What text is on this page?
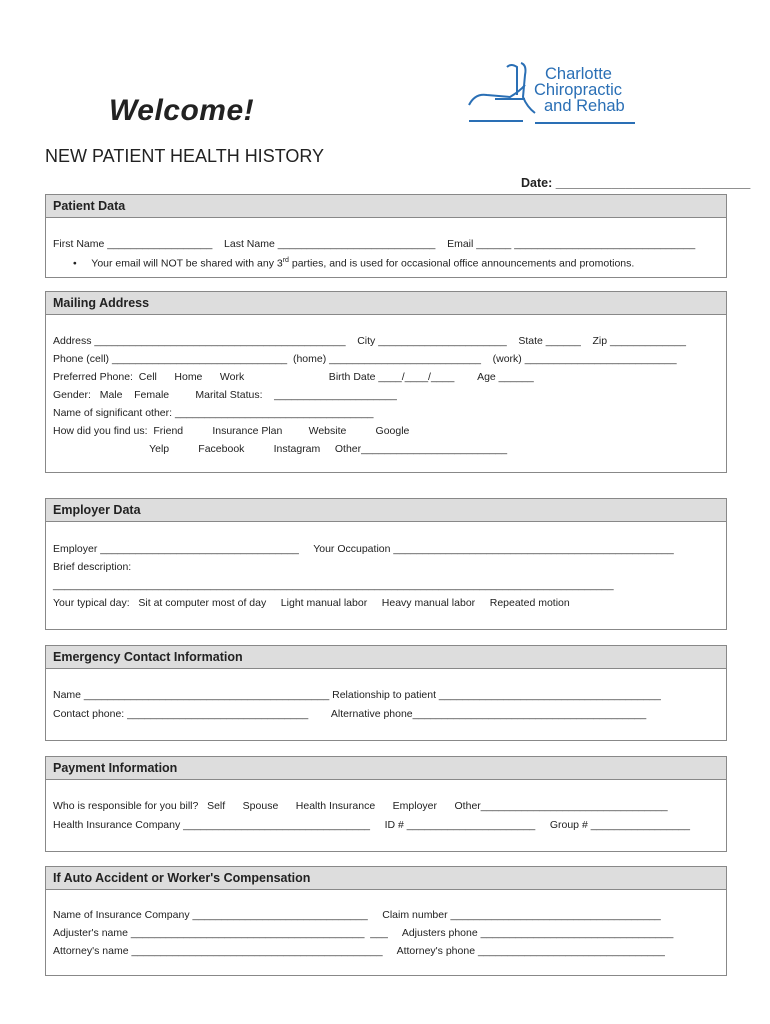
Welcome!
NEW PATIENT HEALTH HISTORY
Charlotte
Chiropractic
and Rehab
Date: ____________________________
Patient Data
First Name __________________    Last Name ___________________________    Email ______ _______________________________
• Your email will NOT be shared with any 3rd parties, and is used for occasional office announcements and promotions.
Mailing Address
Address ___________________________________________    City ______________________    State ______    Zip _____________
Phone (cell) ______________________________  (home) __________________________    (work) __________________________
Preferred Phone:  Cell      Home      Work                             Birth Date ____/____/____        Age ______
Gender:   Male    Female         Marital Status:    _____________________
Name of significant other: __________________________________
How did you find us:  Friend          Insurance Plan         Website          Google
Yelp          Facebook          Instagram     Other_________________________
Employer Data
Employer __________________________________     Your Occupation ________________________________________________
Brief description:
________________________________________________________________________________________________
Your typical day:   Sit at computer most of day     Light manual labor     Heavy manual labor     Repeated motion
Emergency Contact Information
Name __________________________________________ Relationship to patient ______________________________________
Contact phone: _______________________________        Alternative phone________________________________________
Payment Information
Who is responsible for you bill?   Self      Spouse      Health Insurance      Employer      Other________________________________
Health Insurance Company ________________________________     ID # ______________________     Group # _________________
If Auto Accident or Worker's Compensation
Name of Insurance Company ______________________________     Claim number ____________________________________
Adjuster's name ________________________________________  ___     Adjusters phone _________________________________
Attorney's name ___________________________________________     Attorney's phone ________________________________
